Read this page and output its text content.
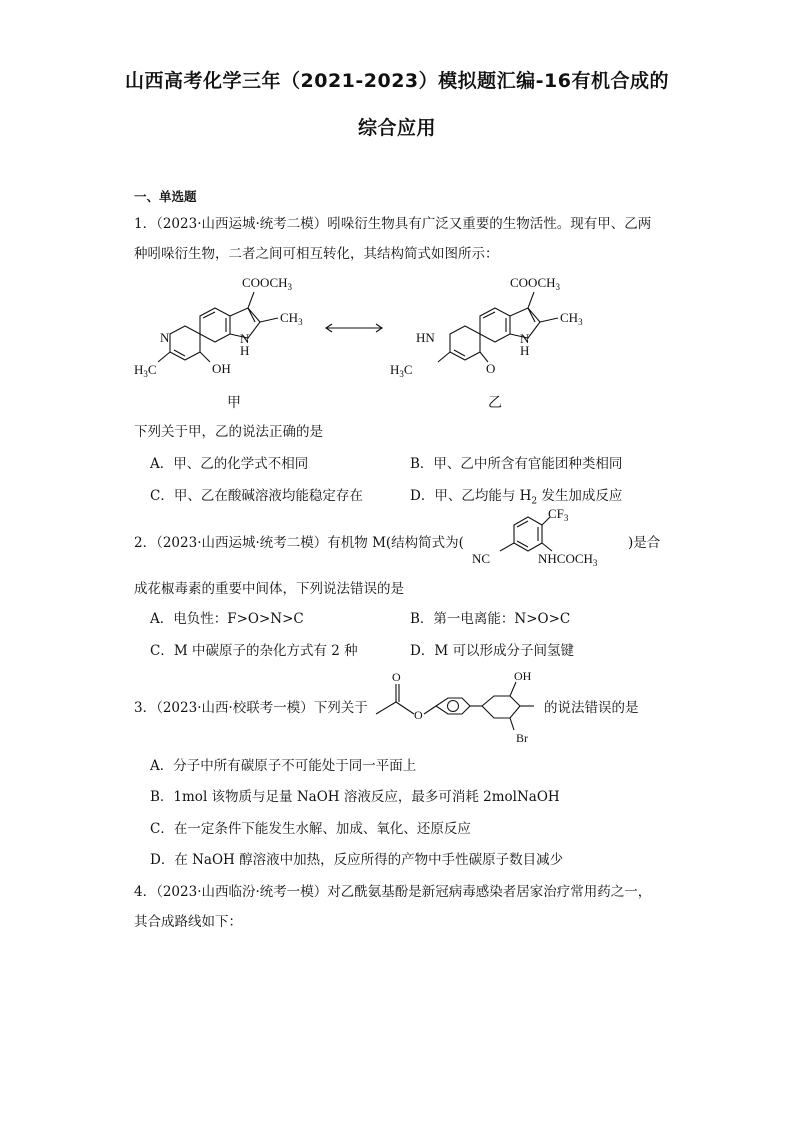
山西高考化学三年（2021-2023）模拟题汇编-16有机合成的
综合应用
一、单选题
1．（2023·山西运城·统考二模）吲哚衍生物具有广泛又重要的生物活性。现有甲、乙两
种吲哚衍生物，二者之间可相互转化，其结构简式如图所示：
$COOCH_3$
$CH_3$
N
H
N
$H_3C$	OH
$COOCH_3$
$CH_3$
N
H
HN
$H_3C$	O
甲	乙
下列关于甲，乙的说法正确的是
A．甲、乙的化学式不相同	B．甲、乙中所含有官能团种类相同
C．甲、乙在酸碱溶液均能稳定存在	D．甲、乙均能与 $H_2$ 发生加成反应
2．（2023·山西运城·统考二模）有机物 M(结构简式为(
$CF_3$
NC	$NHCOCH_3$
)是合
成花椒毒素的重要中间体，下列说法错误的是
A．电负性：F>O>N>C	B．第一电离能：N>O>C
C．M 中碳原子的杂化方式有 2 种	D．M 可以形成分子间氢键
3．（2023·山西·校联考一模）下列关于
O
O
OH
Br
的说法错误的是
A．分子中所有碳原子不可能处于同一平面上
B．1mol 该物质与足量 NaOH 溶液反应，最多可消耗 2molNaOH
C．在一定条件下能发生水解、加成、氧化、还原反应
D．在 NaOH 醇溶液中加热，反应所得的产物中手性碳原子数目减少
4．（2023·山西临汾·统考一模）对乙酰氨基酚是新冠病毒感染者居家治疗常用药之一，
其合成路线如下：
